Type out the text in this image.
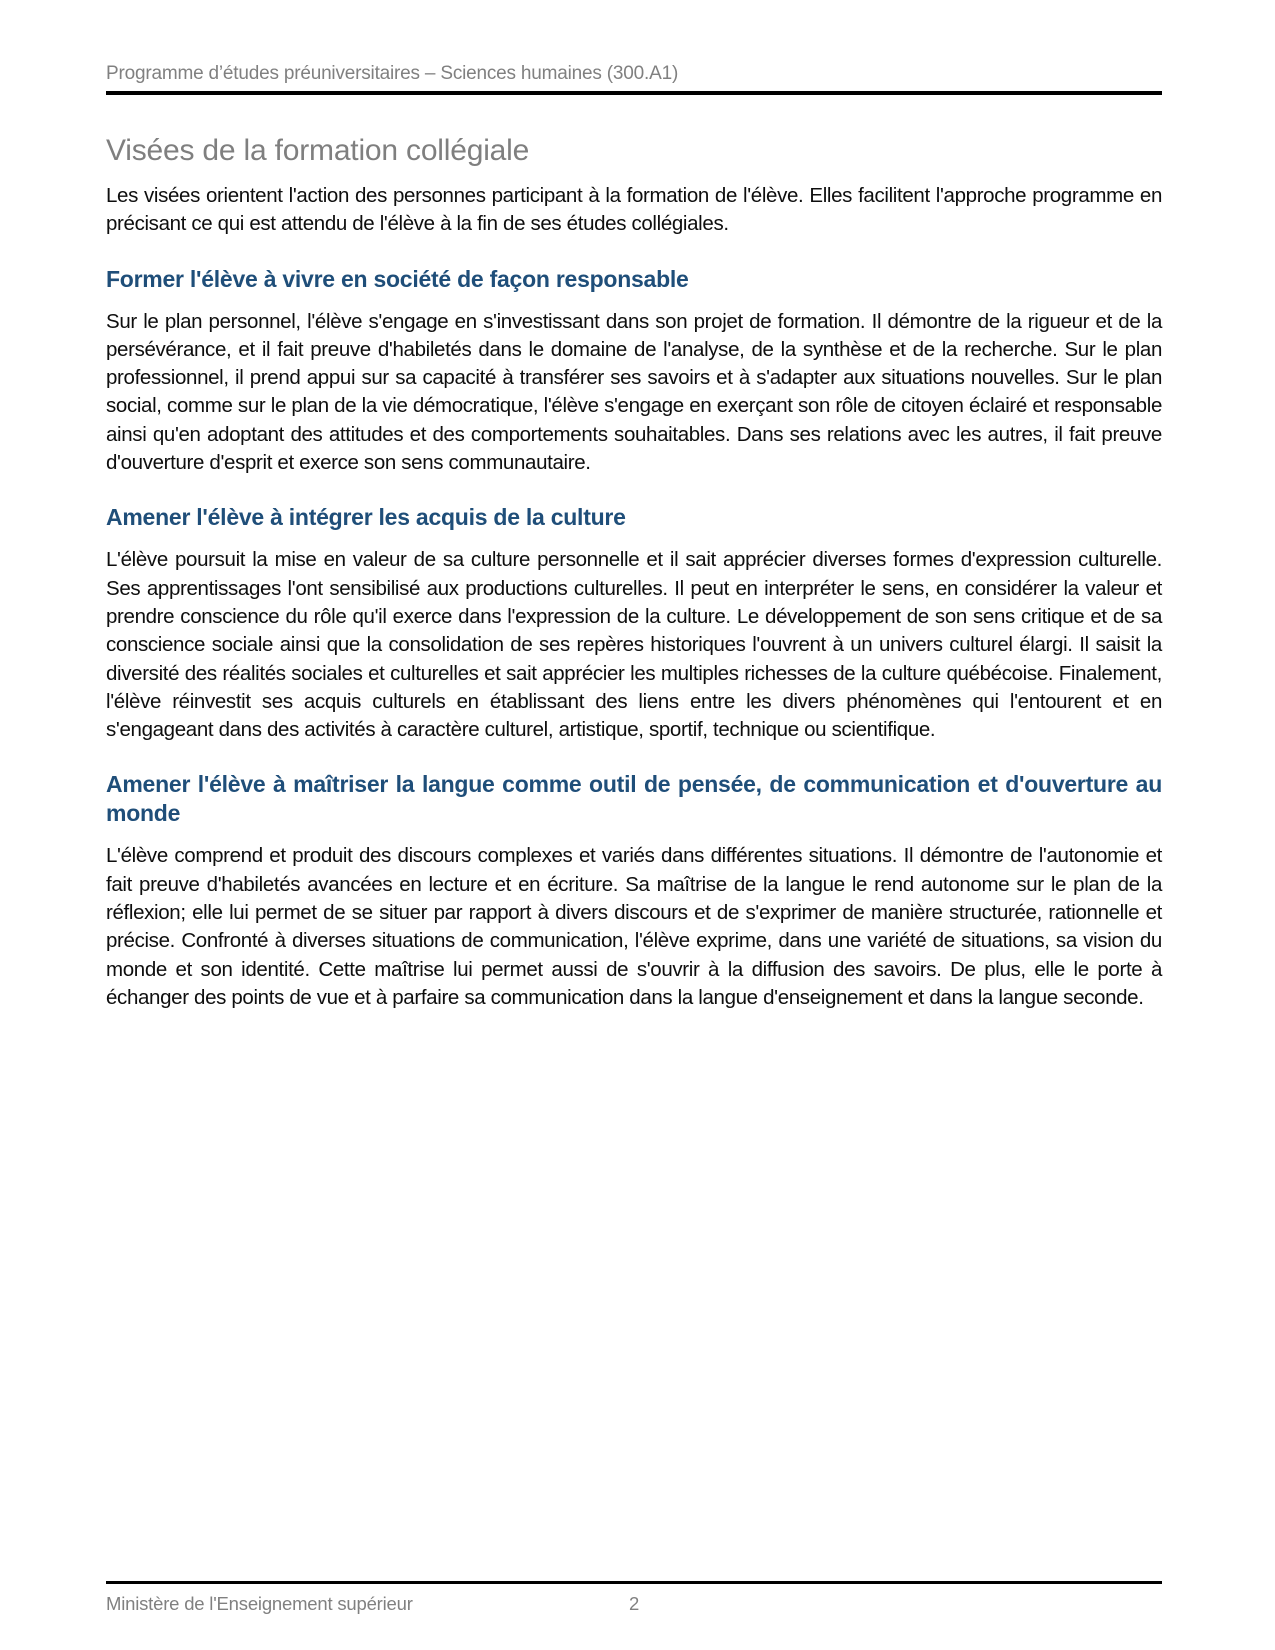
Programme d’études préuniversitaires – Sciences humaines (300.A1)
Visées de la formation collégiale

Les visées orientent l'action des personnes participant à la formation de l'élève. Elles facilitent l'approche programme en précisant ce qui est attendu de l'élève à la fin de ses études collégiales.

Former l'élève à vivre en société de façon responsable

Sur le plan personnel, l'élève s'engage en s'investissant dans son projet de formation. Il démontre de la rigueur et de la persévérance, et il fait preuve d'habiletés dans le domaine de l'analyse, de la synthèse et de la recherche. Sur le plan professionnel, il prend appui sur sa capacité à transférer ses savoirs et à s'adapter aux situations nouvelles. Sur le plan social, comme sur le plan de la vie démocratique, l'élève s'engage en exerçant son rôle de citoyen éclairé et responsable ainsi qu'en adoptant des attitudes et des comportements souhaitables. Dans ses relations avec les autres, il fait preuve d'ouverture d'esprit et exerce son sens communautaire.

Amener l'élève à intégrer les acquis de la culture

L'élève poursuit la mise en valeur de sa culture personnelle et il sait apprécier diverses formes d'expression culturelle. Ses apprentissages l'ont sensibilisé aux productions culturelles. Il peut en interpréter le sens, en considérer la valeur et prendre conscience du rôle qu'il exerce dans l'expression de la culture. Le développement de son sens critique et de sa conscience sociale ainsi que la consolidation de ses repères historiques l'ouvrent à un univers culturel élargi. Il saisit la diversité des réalités sociales et culturelles et sait apprécier les multiples richesses de la culture québécoise. Finalement, l'élève réinvestit ses acquis culturels en établissant des liens entre les divers phénomènes qui l'entourent et en s'engageant dans des activités à caractère culturel, artistique, sportif, technique ou scientifique.

Amener l'élève à maîtriser la langue comme outil de pensée, de communication et d'ouverture au monde

L'élève comprend et produit des discours complexes et variés dans différentes situations. Il démontre de l'autonomie et fait preuve d'habiletés avancées en lecture et en écriture. Sa maîtrise de la langue le rend autonome sur le plan de la réflexion; elle lui permet de se situer par rapport à divers discours et de s'exprimer de manière structurée, rationnelle et précise. Confronté à diverses situations de communication, l'élève exprime, dans une variété de situations, sa vision du monde et son identité. Cette maîtrise lui permet aussi de s'ouvrir à la diffusion des savoirs. De plus, elle le porte à échanger des points de vue et à parfaire sa communication dans la langue d'enseignement et dans la langue seconde.

Ministère de l'Enseignement supérieur	2
